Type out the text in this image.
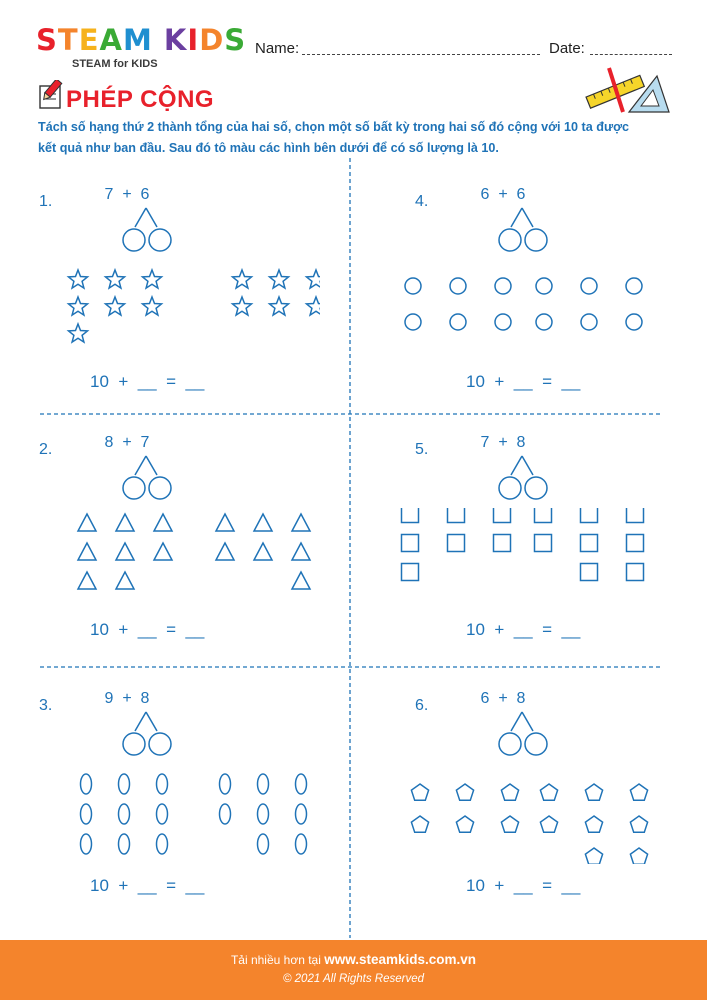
STEAM KIDS
STEAM for KIDS
Name:	Date:
PHÉP CỘNG
Tách số hạng thứ 2 thành tổng của hai số, chọn một số bất kỳ trong hai số đó cộng với 10 ta được kết quả như ban đầu. Sau đó tô màu các hình bên dưới để có số lượng là 10.
1.	7  +  6
10  +  __  =  __
2.	8  +  7
10  +  __  =  __
3.	9  +  8
10  +  __  =  __
4.	6  +  6
10  +  __  =  __
5.	7  +  8
10  +  __  =  __
6.	6  +  8
10  +  __  =  __
Tải nhiều hơn tại www.steamkids.com.vn
© 2021 All Rights Reserved
